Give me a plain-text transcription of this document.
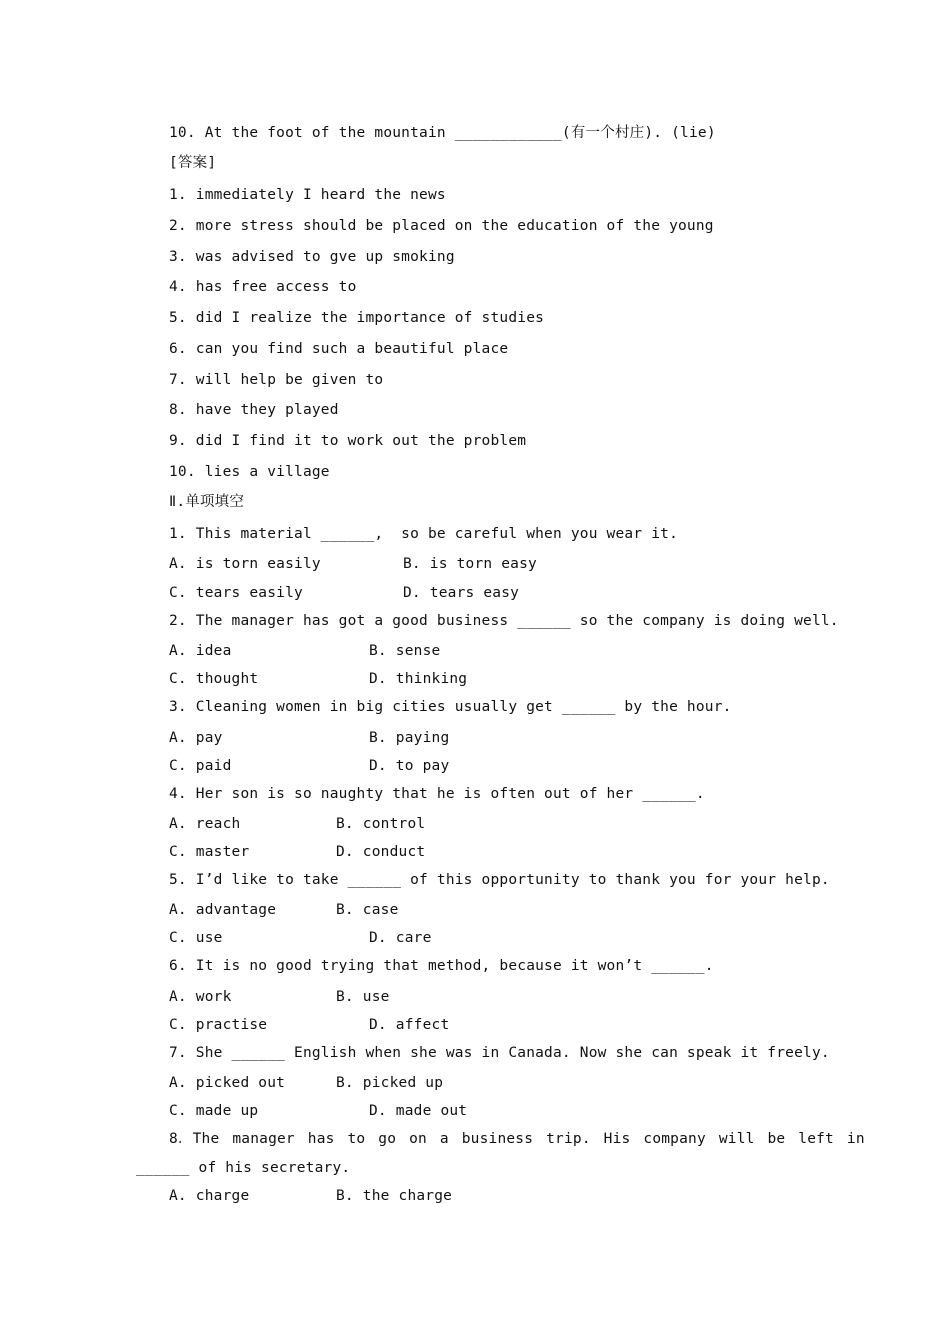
10. At the foot of the mountain ____________(有一个村庄). (lie)
[答案]
1. immediately I heard the news
2. more stress should be placed on the education of the young
3. was advised to gve up smoking
4. has free access to
5. did I realize the importance of studies
6. can you find such a beautiful place
7. will help be given to
8. have they played
9. did I find it to work out the problem
10. lies a village
Ⅱ.单项填空
1. This material ______,  so be careful when you wear it.
A. is torn easily	B. is torn easy
C. tears easily	D. tears easy
2. The manager has got a good business ______ so the company is doing well.
A. idea	B. sense
C. thought	D. thinking
3. Cleaning women in big cities usually get ______ by the hour.
A. pay	B. paying
C. paid	D. to pay
4. Her son is so naughty that he is often out of her ______.
A. reach	B. control
C. master	D. conduct
5. I’d like to take ______ of this opportunity to thank you for your help.
A. advantage	B. case
C. use	D. care
6. It is no good trying that method, because it won’t ______.
A. work	B. use
C. practise	D. affect
7. She ______ English when she was in Canada. Now she can speak it freely.
A. picked out	B. picked up
C. made up	D. made out
8．The manager has to go on a business trip. His company will be left in
______ of his secretary.
A. charge	B. the charge
